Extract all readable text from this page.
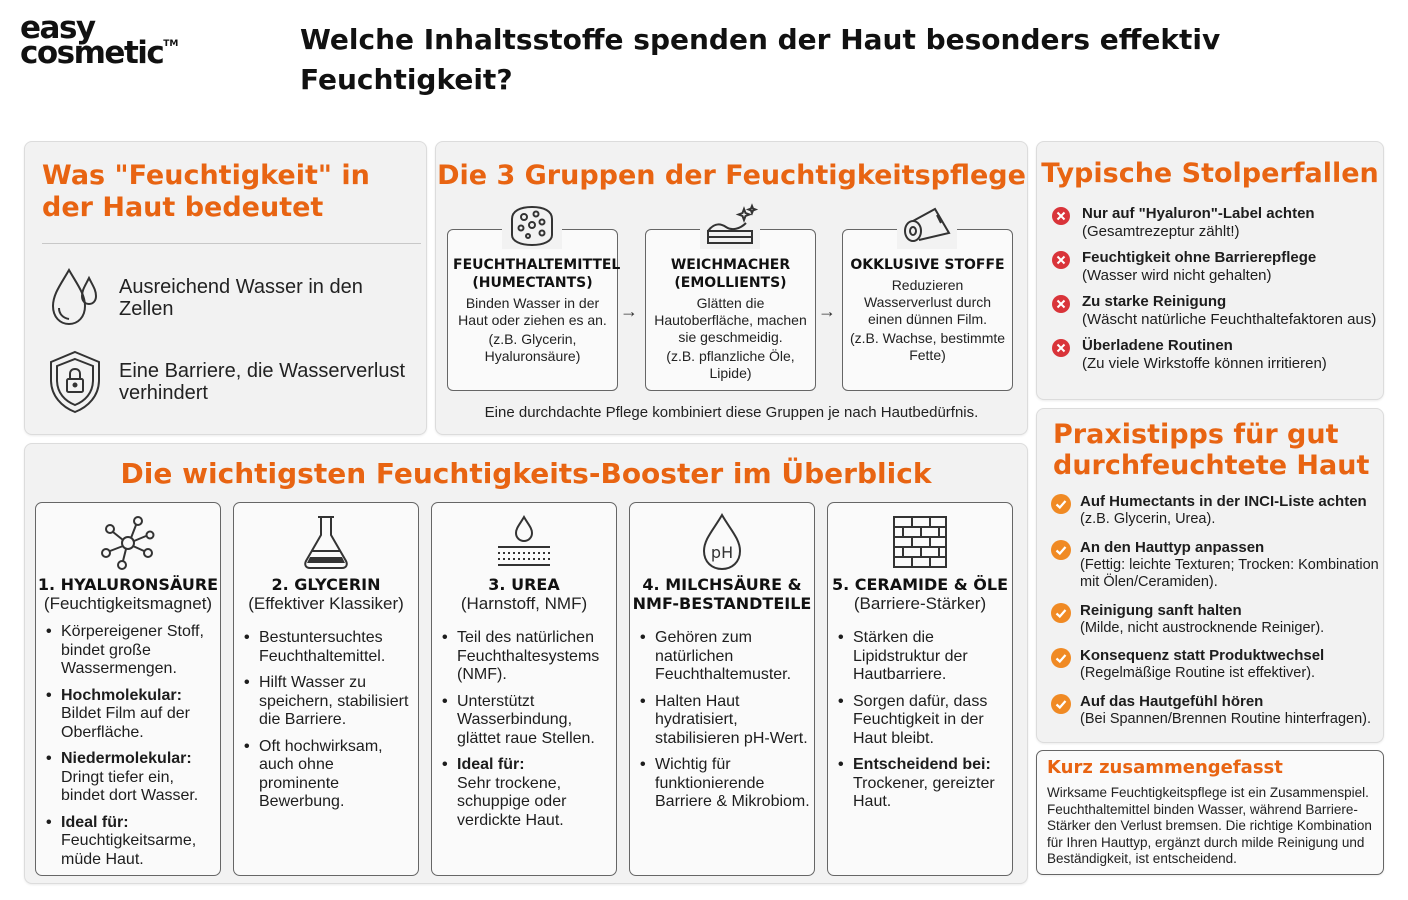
easy
cosmetic™	Welche Inhaltsstoffe spenden der Haut besonders effektiv Feuchtigkeit?
Was "Feuchtigkeit" in der Haut bedeutet
Ausreichend Wasser in den Zellen
Eine Barriere, die Wasserverlust verhindert
Die 3 Gruppen der Feuchtigkeitspflege
FEUCHTHALTEMITTEL (HUMECTANTS)
Binden Wasser in der Haut oder ziehen es an.
(z.B. Glycerin, Hyaluronsäure)
→
WEICHMACHER (EMOLLIENTS)
Glätten die Hautoberfläche, machen sie geschmeidig.
(z.B. pflanzliche Öle, Lipide)
→
OKKLUSIVE STOFFE
Reduzieren Wasserverlust durch einen dünnen Film.
(z.B. Wachse, bestimmte Fette)
Eine durchdachte Pflege kombiniert diese Gruppen je nach Hautbedürfnis.
Die wichtigsten Feuchtigkeits-Booster im Überblick
1. HYALURONSÄURE
(Feuchtigkeitsmagnet)
• Körpereigener Stoff, bindet große Wassermengen.
• Hochmolekular:
Bildet Film auf der Oberfläche.
• Niedermolekular:
Dringt tiefer ein, bindet dort Wasser.
• Ideal für:
Feuchtigkeitsarme, müde Haut.
2. GLYCERIN
(Effektiver Klassiker)
• Bestuntersuchtes Feuchthaltemittel.
• Hilft Wasser zu speichern, stabilisiert die Barriere.
• Oft hochwirksam, auch ohne prominente Bewerbung.
3. UREA
(Harnstoff, NMF)
• Teil des natürlichen Feuchthaltesystems (NMF).
• Unterstützt Wasserbindung, glättet raue Stellen.
• Ideal für:
Sehr trockene, schuppige oder verdickte Haut.
pH
4. MILCHSÄURE & NMF-BESTANDTEILE
• Gehören zum natürlichen Feuchthaltemuster.
• Halten Haut hydratisiert, stabilisieren pH-Wert.
• Wichtig für funktionierende Barriere & Mikrobiom.
5. CERAMIDE & ÖLE
(Barriere-Stärker)
• Stärken die Lipidstruktur der Hautbarriere.
• Sorgen dafür, dass Feuchtigkeit in der Haut bleibt.
• Entscheidend bei:
Trockener, gereizter Haut.
Typische Stolperfallen
Nur auf "Hyaluron"-Label achten
(Gesamtrezeptur zählt!)
Feuchtigkeit ohne Barrierepflege
(Wasser wird nicht gehalten)
Zu starke Reinigung
(Wäscht natürliche Feuchthaltefaktoren aus)
Überladene Routinen
(Zu viele Wirkstoffe können irritieren)
Praxistipps für gut durchfeuchtete Haut
Auf Humectants in der INCI-Liste achten
(z.B. Glycerin, Urea).
An den Hauttyp anpassen
(Fettig: leichte Texturen; Trocken: Kombination mit Ölen/Ceramiden).
Reinigung sanft halten
(Milde, nicht austrocknende Reiniger).
Konsequenz statt Produktwechsel
(Regelmäßige Routine ist effektiver).
Auf das Hautgefühl hören
(Bei Spannen/Brennen Routine hinterfragen).
Kurz zusammengefasst
Wirksame Feuchtigkeitspflege ist ein Zusammenspiel. Feuchthaltemittel binden Wasser, während Barriere-Stärker den Verlust bremsen. Die richtige Kombination für Ihren Hauttyp, ergänzt durch milde Reinigung und Beständigkeit, ist entscheidend.
